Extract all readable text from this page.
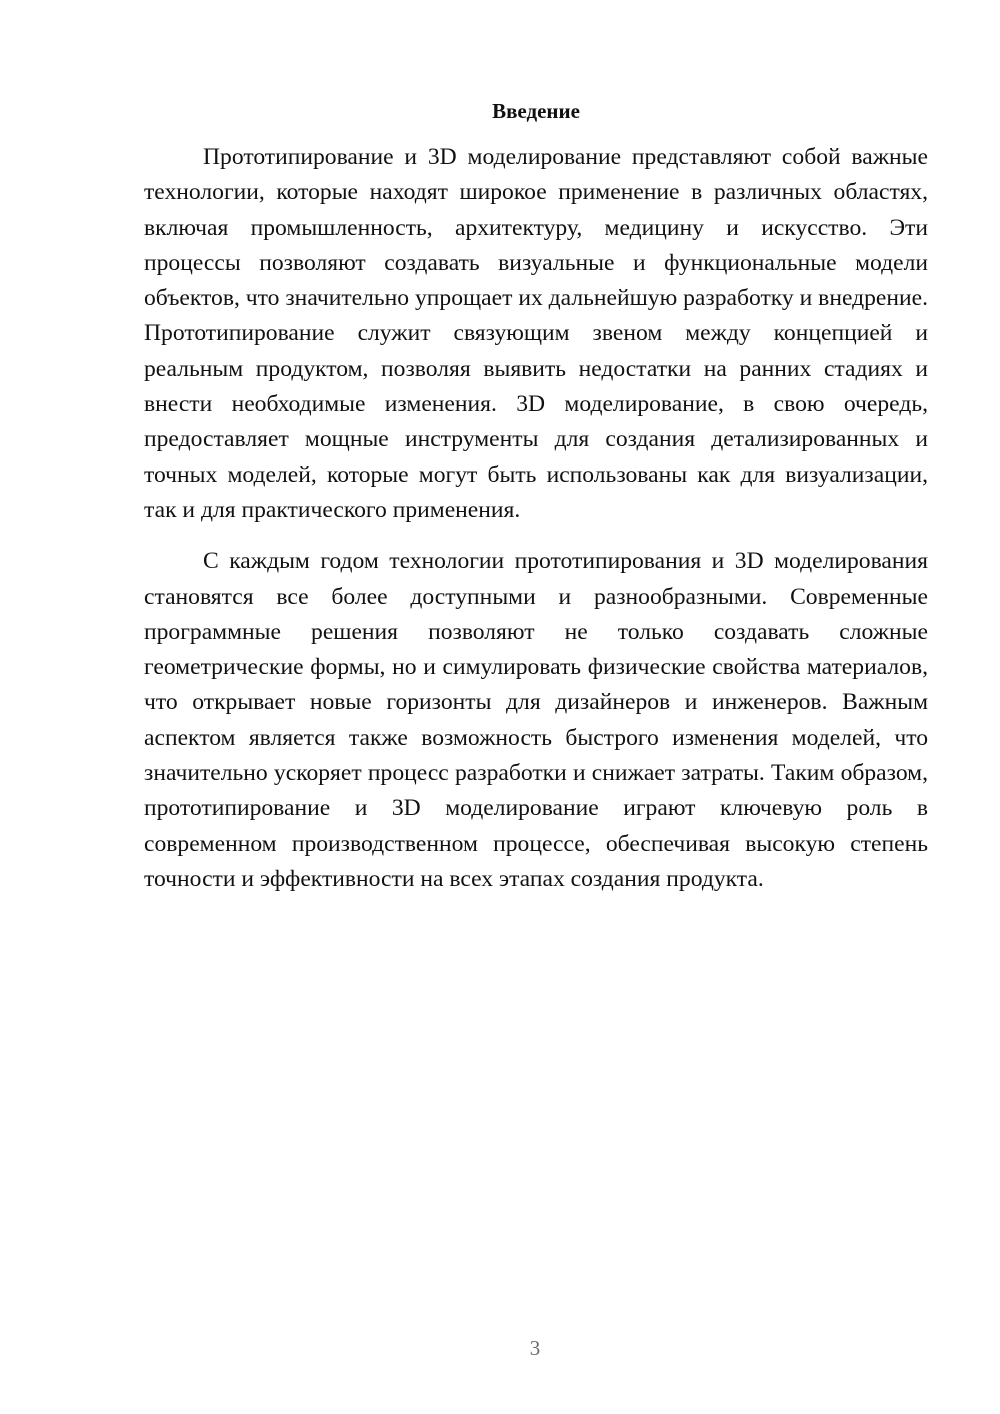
Введение

Прототипирование и 3D моделирование представляют собой важные технологии, которые находят широкое применение в различных областях, включая промышленность, архитектуру, медицину и искусство. Эти процессы позволяют создавать визуальные и функциональные модели объектов, что значительно упрощает их дальнейшую разработку и внедрение. Прототипирование служит связующим звеном между концепцией и реальным продуктом, позволяя выявить недостатки на ранних стадиях и внести необходимые изменения. 3D моделирование, в свою очередь, предоставляет мощные инструменты для создания детализированных и точных моделей, которые могут быть использованы как для визуализации, так и для практического применения.

С каждым годом технологии прототипирования и 3D моделирования становятся все более доступными и разнообразными. Современные программные решения позволяют не только создавать сложные геометрические формы, но и симулировать физические свойства материалов, что открывает новые горизонты для дизайнеров и инженеров. Важным аспектом является также возможность быстрого изменения моделей, что значительно ускоряет процесс разработки и снижает затраты. Таким образом, прототипирование и 3D моделирование играют ключевую роль в современном производственном процессе, обеспечивая высокую степень точности и эффективности на всех этапах создания продукта.

3
